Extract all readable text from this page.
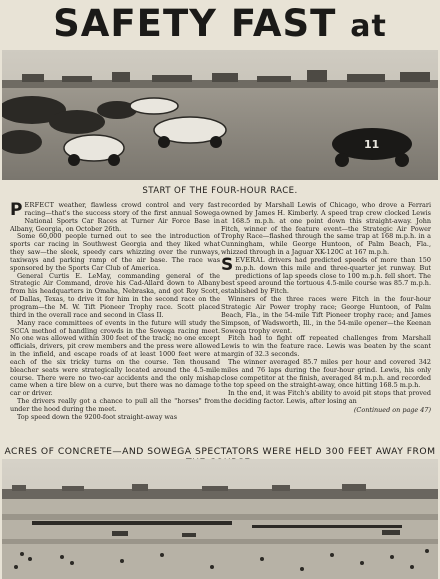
SAFETY FAST at
11
START OF THE FOUR-HOUR RACE.

PERFECT weather, flawless crowd control and very fast racing—that's the success story of the first annual Sowega National Sports Car Races at Turner Air Force Base in Albany, Georgia, on October 26th.

Some 60,000 people turned out to see the introduction of sports car racing in Southwest Georgia and they liked what they saw—the sleek, speedy cars whizzing over the runways, taxiways and parking ramp of the air base. The race was sponsored by the Sports Car Club of America.

General Curtis E. LeMay, commanding general of the Strategic Air Command, drove his Cad-Allard down to Albany from his headquarters in Omaha, Nebraska, and got Roy Scott, of Dallas, Texas, to drive it for him in the second race on the program—the M. W. Tift Pioneer Trophy race. Scott placed third in the overall race and second in Class II.

Many race committees of events in the future will study the SCCA method of handling crowds in the Sowega racing meet. No one was allowed within 300 feet of the track; no one except officials, drivers, pit crew members and the press were allowed in the infield, and escape roads of at least 1000 feet were at each of the six tricky turns on the course. Ten thousand bleacher seats were strategically located around the 4.5-mile course. There were no two-car accidents and the only mishap came when a tire blew on a curve, but there was no damage to car or driver.

The drivers really got a chance to pull all the "horses" from under the hood during the meet.

Top speed down the 9200-foot straight-away was

recorded by Marshall Lewis of Chicago, who drove a Ferrari owned by James H. Kimberly. A speed trap crew clocked Lewis at 168.5 m.p.h. at one point down this straight-away. John Fitch, winner of the feature event—the Strategic Air Power Trophy Race—flashed through the same trap at 168 m.p.h. in a Cunningham, while George Huntoon, of Palm Beach, Fla., whizzed through in a Jaguar XK-120C at 167 m.p.h.

SEVERAL drivers had predicted speeds of more than 150 m.p.h. down this mile and three-quarter jet runway. But predictions of lap speeds close to 100 m.p.h. fell short. The best speed around the tortuous 4.5-mile course was 85.7 m.p.h. established by Fitch.

Winners of the three races were Fitch in the four-hour Strategic Air Power trophy race; George Huntoon, of Palm Beach, Fla., in the 54-mile Tift Pioneer trophy race; and James Simpson, of Wadsworth, Ill., in the 54-mile opener—the Keenan Sowega trophy event.

Fitch had to fight off repeated challenges from Marshall Lewis to win the feature race. Lewis was beaten by the scant margin of 32.3 seconds.

The winner averaged 85.7 miles per hour and covered 342 miles and 76 laps during the four-hour grind. Lewis, his only close competitor at the finish, averaged 84 m.p.h. and recorded the top speed on the straight-away, once hitting 168.5 m.p.h.

In the end, it was Fitch's ability to avoid pit stops that proved the deciding factor. Lewis, after losing an

(Continued on page 47)
ACRES OF CONCRETE—AND SOWEGA SPECTATORS WERE HELD 300 FEET AWAY FROM
